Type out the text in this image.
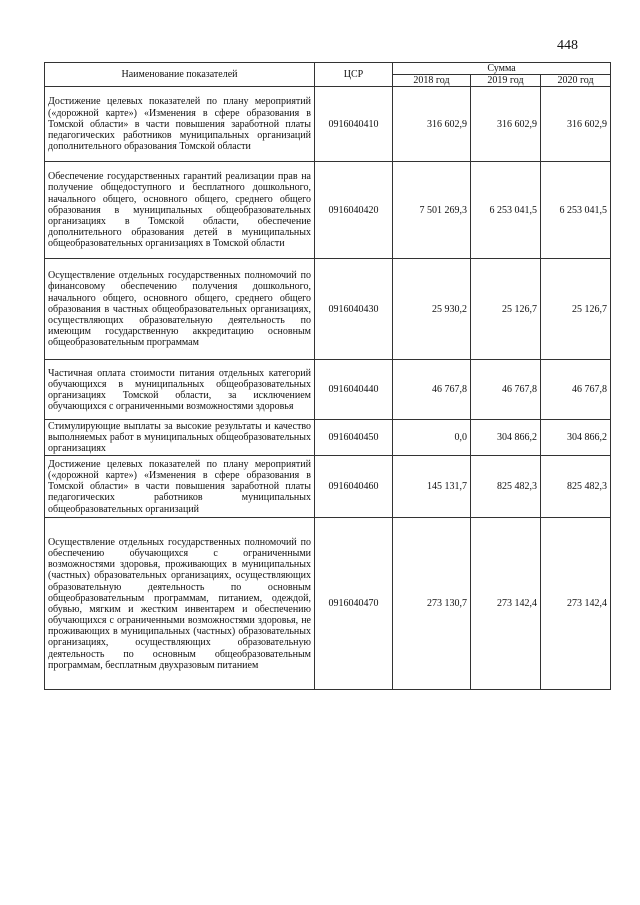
448
Наименование показателей	ЦСР	Сумма		
		2018 год	2019 год	2020 год
Достижение целевых показателей по плану мероприятий («дорожной карте») «Изменения в сфере образования в Томской области» в части повышения заработной платы педагогических работников муниципальных организаций дополнительного образования Томской области	0916040410	316 602,9	316 602,9	316 602,9
Обеспечение государственных гарантий реализации прав на получение общедоступного и бесплатного дошкольного, начального общего, основного общего, среднего общего образования в муниципальных общеобразовательных организациях в Томской области, обеспечение дополнительного образования детей в муниципальных общеобразовательных организациях в Томской области	0916040420	7 501 269,3	6 253 041,5	6 253 041,5
Осуществление отдельных государственных полномочий по финансовому обеспечению получения дошкольного, начального общего, основного общего, среднего общего образования в частных общеобразовательных организациях, осуществляющих образовательную деятельность по имеющим государственную аккредитацию основным общеобразовательным программам	0916040430	25 930,2	25 126,7	25 126,7
Частичная оплата стоимости питания отдельных категорий обучающихся в муниципальных общеобразовательных организациях Томской области, за исключением обучающихся с ограниченными возможностями здоровья	0916040440	46 767,8	46 767,8	46 767,8
Стимулирующие выплаты за высокие результаты и качество выполняемых работ в муниципальных общеобразовательных организациях	0916040450	0,0	304 866,2	304 866,2
Достижение целевых показателей по плану мероприятий («дорожной карте») «Изменения в сфере образования в Томской области» в части повышения заработной платы педагогических работников муниципальных общеобразовательных организаций	0916040460	145 131,7	825 482,3	825 482,3
Осуществление отдельных государственных полномочий по обеспечению обучающихся с ограниченными возможностями здоровья, проживающих в муниципальных (частных) образовательных организациях, осуществляющих образовательную деятельность по основным общеобразовательным программам, питанием, одеждой, обувью, мягким и жестким инвентарем и обеспечению обучающихся с ограниченными возможностями здоровья, не проживающих в муниципальных (частных) образовательных организациях, осуществляющих образовательную деятельность по основным общеобразовательным программам, бесплатным двухразовым питанием	0916040470	273 130,7	273 142,4	273 142,4
